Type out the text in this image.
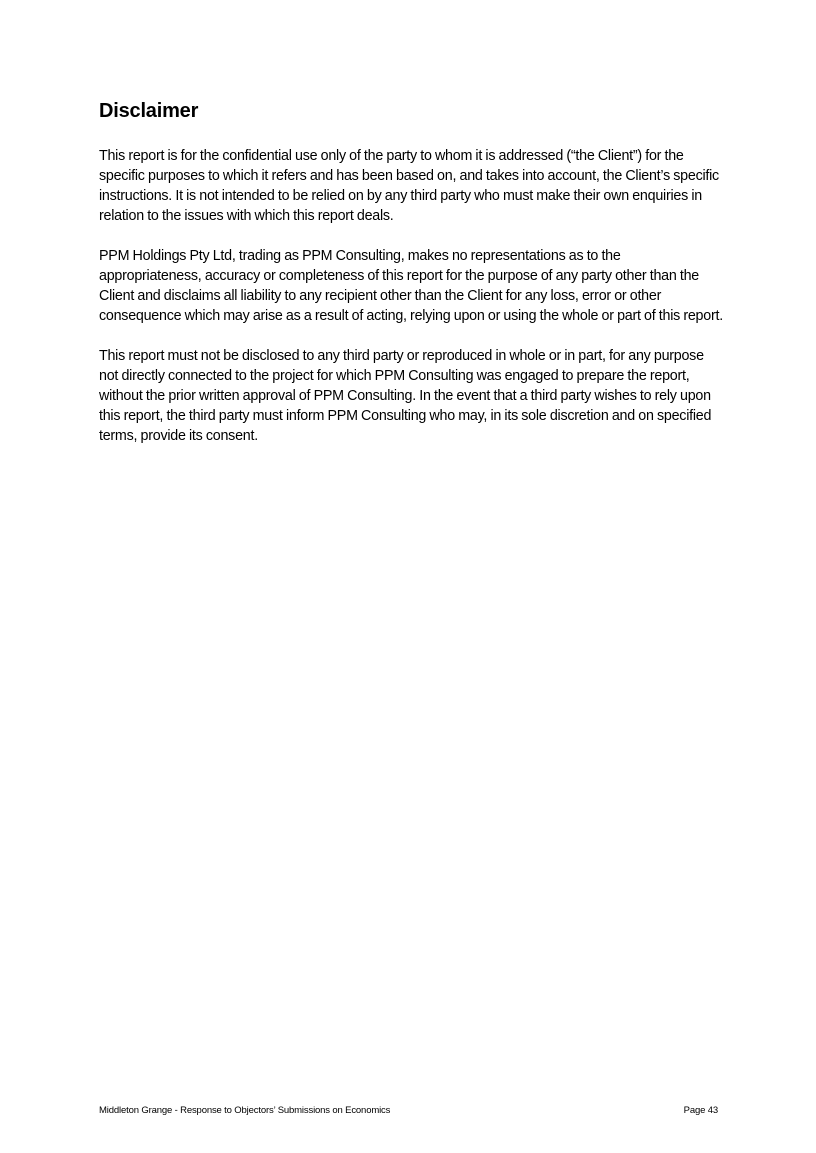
Disclaimer

This report is for the confidential use only of the party to whom it is addressed (“the Client”) for the specific purposes to which it refers and has been based on, and takes into account, the Client’s specific instructions. It is not intended to be relied on by any third party who must make their own enquiries in relation to the issues with which this report deals.

PPM Holdings Pty Ltd, trading as PPM Consulting, makes no representations as to the appropriateness, accuracy or completeness of this report for the purpose of any party other than the Client and disclaims all liability to any recipient other than the Client for any loss, error or other consequence which may arise as a result of acting, relying upon or using the whole or part of this report.

This report must not be disclosed to any third party or reproduced in whole or in part, for any purpose not directly connected to the project for which PPM Consulting was engaged to prepare the report, without the prior written approval of PPM Consulting. In the event that a third party wishes to rely upon this report, the third party must inform PPM Consulting who may, in its sole discretion and on specified terms, provide its consent.

Middleton Grange - Response to Objectors’ Submissions on Economics	Page 43
